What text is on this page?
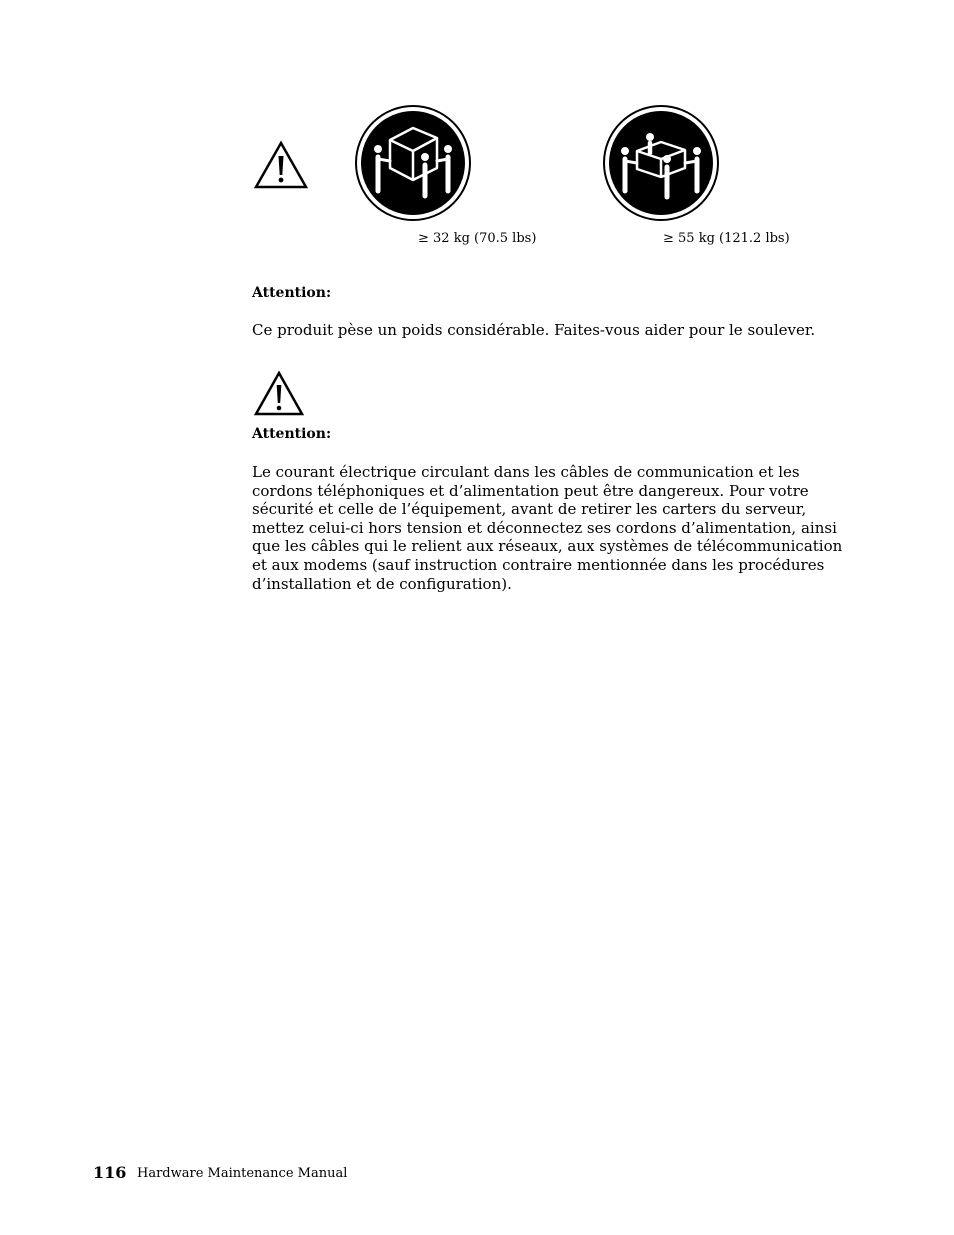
≥ 32 kg (70.5 lbs)	≥ 55 kg (121.2 lbs)
Attention:
Ce produit pèse un poids considérable. Faites-vous aider pour le soulever.
Attention:
Le courant électrique circulant dans les câbles de communication et les cordons téléphoniques et d’alimentation peut être dangereux. Pour votre sécurité et celle de l’équipement, avant de retirer les carters du serveur, mettez celui-ci hors tension et déconnectez ses cordons d’alimentation, ainsi que les câbles qui le relient aux réseaux, aux systèmes de télécommunication et aux modems (sauf instruction contraire mentionnée dans les procédures d’installation et de configuration).
116 Hardware Maintenance Manual
